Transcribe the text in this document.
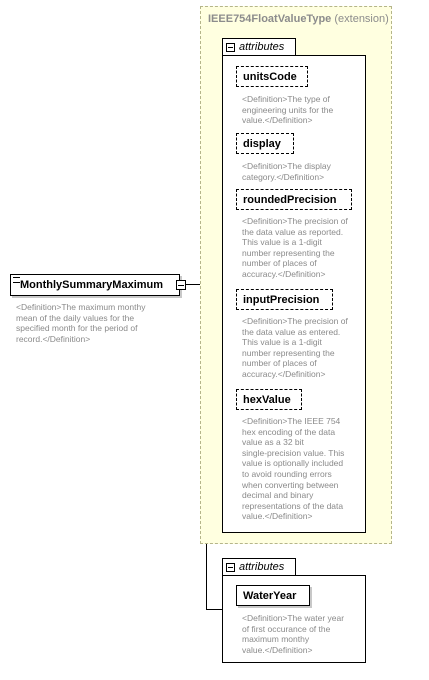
IEEE754FloatValueType (extension)
attributes
unitsCode
<Definition>The type of
engineering units for the
value.</Definition>
display
<Definition>The display
category.</Definition>
roundedPrecision
<Definition>The precision of
the data value as reported.
This value is a 1-digit
number representing the
number of places of
accuracy.</Definition>
inputPrecision
<Definition>The precision of
the data value as entered.
This value is a 1-digit
number representing the
number of places of
accuracy.</Definition>
hexValue
<Definition>The IEEE 754
hex encoding of the data
value as a 32 bit
single-precision value. This
value is optionally included
to avoid rounding errors
when converting between
decimal and binary
representations of the data
value.</Definition>
MonthlySummaryMaximum
<Definition>The maximum monthy
mean of the daily values for the
specified month for the period of
record.</Definition>
attributes
WaterYear
<Definition>The water year
of first occurance of the
maximum monthy
value.</Definition>
